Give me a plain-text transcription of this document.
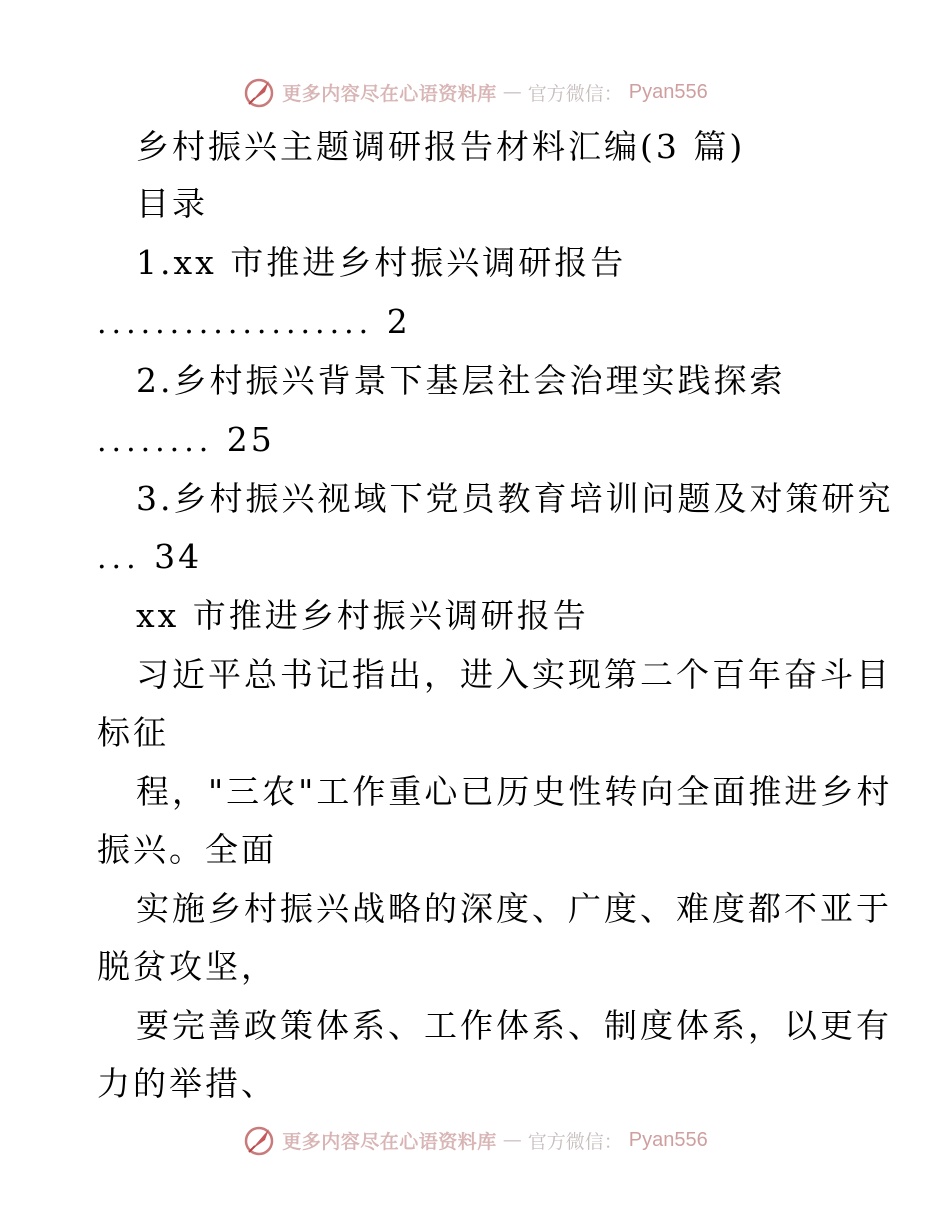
更多内容尽在心语资料库 — 官方微信： Pyan556
乡村振兴主题调研报告材料汇编(3 篇)
目录
1.xx 市推进乡村振兴调研报告
................... 2
2.乡村振兴背景下基层社会治理实践探索
........ 25
3.乡村振兴视域下党员教育培训问题及对策研究
... 34
xx 市推进乡村振兴调研报告
习近平总书记指出，进入实现第二个百年奋斗目
标征
程，"三农"工作重心已历史性转向全面推进乡村
振兴。全面
实施乡村振兴战略的深度、广度、难度都不亚于
脱贫攻坚，
要完善政策体系、工作体系、制度体系，以更有
力的举措、
更多内容尽在心语资料库 — 官方微信： Pyan556
